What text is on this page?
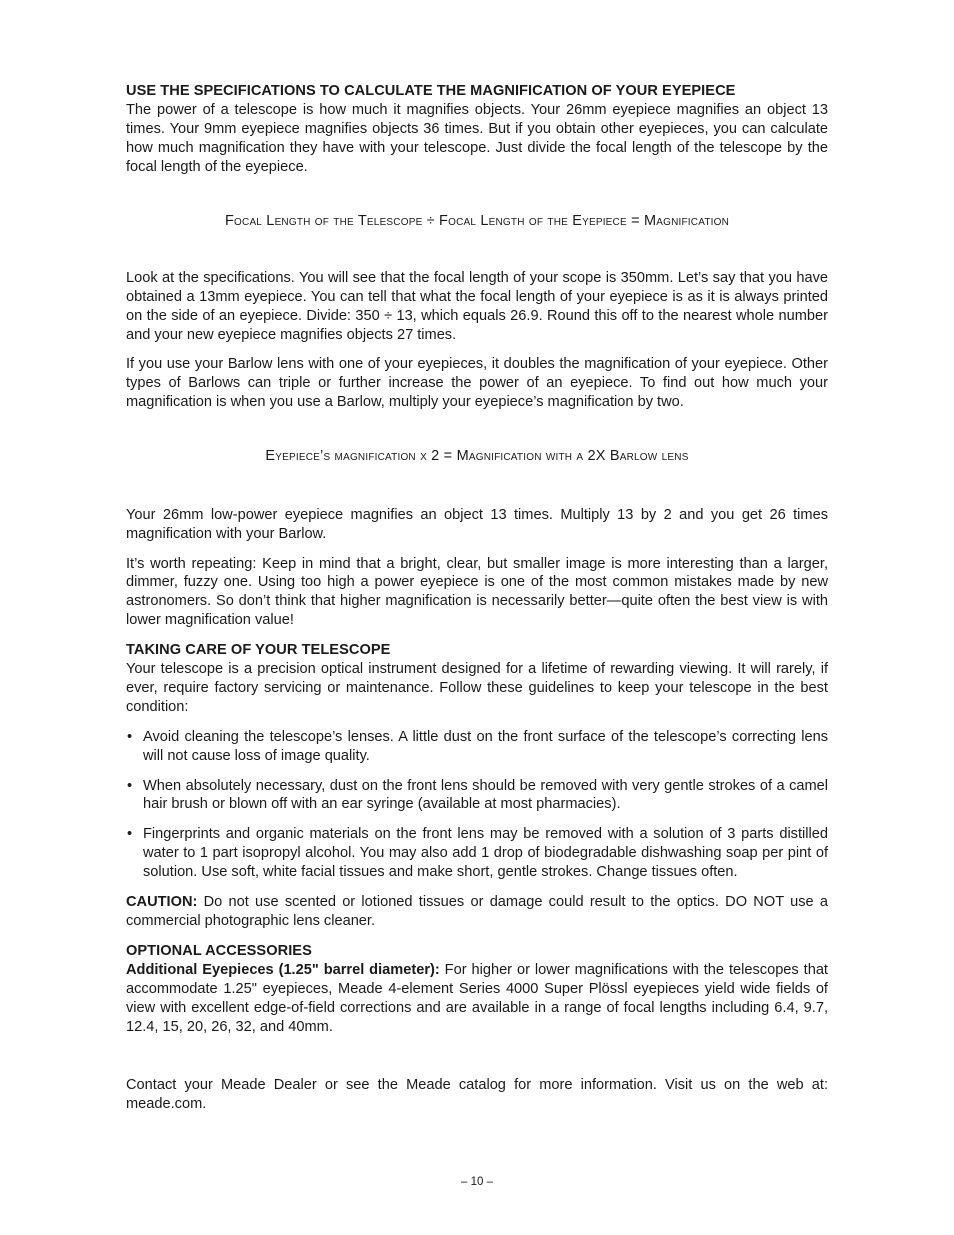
USE THE SPECIFICATIONS TO CALCULATE THE MAGNIFICATION OF YOUR EYEPIECE

The power of a telescope is how much it magnifies objects. Your 26mm eyepiece magnifies an object 13 times. Your 9mm eyepiece magnifies objects 36 times. But if you obtain other eyepieces, you can calculate how much magnification they have with your telescope. Just divide the focal length of the telescope by the focal length of the eyepiece.

Focal Length of the Telescope ÷ Focal Length of the Eyepiece = Magnification

Look at the specifications. You will see that the focal length of your scope is 350mm. Let’s say that you have obtained a 13mm eyepiece. You can tell that what the focal length of your eyepiece is as it is always printed on the side of an eyepiece. Divide: 350 ÷ 13, which equals 26.9. Round this off to the nearest whole number and your new eyepiece magnifies objects 27 times.

If you use your Barlow lens with one of your eyepieces, it doubles the magnification of your eyepiece. Other types of Barlows can triple or further increase the power of an eyepiece. To find out how much your magnification is when you use a Barlow, multiply your eyepiece’s magnification by two.

Eyepiece’s magnification x 2 = Magnification with a 2X Barlow lens

Your 26mm low-power eyepiece magnifies an object 13 times. Multiply 13 by 2 and you get 26 times magnification with your Barlow.

It’s worth repeating: Keep in mind that a bright, clear, but smaller image is more interesting than a larger, dimmer, fuzzy one. Using too high a power eyepiece is one of the most common mistakes made by new astronomers. So don’t think that higher magnification is necessarily better—quite often the best view is with lower magnification value!

TAKING CARE OF YOUR TELESCOPE

Your telescope is a precision optical instrument designed for a lifetime of rewarding viewing. It will rarely, if ever, require factory servicing or maintenance. Follow these guidelines to keep your telescope in the best condition:

• Avoid cleaning the telescope’s lenses. A little dust on the front surface of the telescope’s correcting lens will not cause loss of image quality.
• When absolutely necessary, dust on the front lens should be removed with very gentle strokes of a camel hair brush or blown off with an ear syringe (available at most pharmacies).
• Fingerprints and organic materials on the front lens may be removed with a solution of 3 parts distilled water to 1 part isopropyl alcohol. You may also add 1 drop of biodegradable dishwashing soap per pint of solution. Use soft, white facial tissues and make short, gentle strokes. Change tissues often.

CAUTION: Do not use scented or lotioned tissues or damage could result to the optics. DO NOT use a commercial photographic lens cleaner.

OPTIONAL ACCESSORIES

Additional Eyepieces (1.25" barrel diameter): For higher or lower magnifications with the telescopes that accommodate 1.25" eyepieces, Meade 4-element Series 4000 Super Plössl eyepieces yield wide fields of view with excellent edge-of-field corrections and are available in a range of focal lengths including 6.4, 9.7, 12.4, 15, 20, 26, 32, and 40mm.

Contact your Meade Dealer or see the Meade catalog for more information. Visit us on the web at: meade.com.

– 10 –
